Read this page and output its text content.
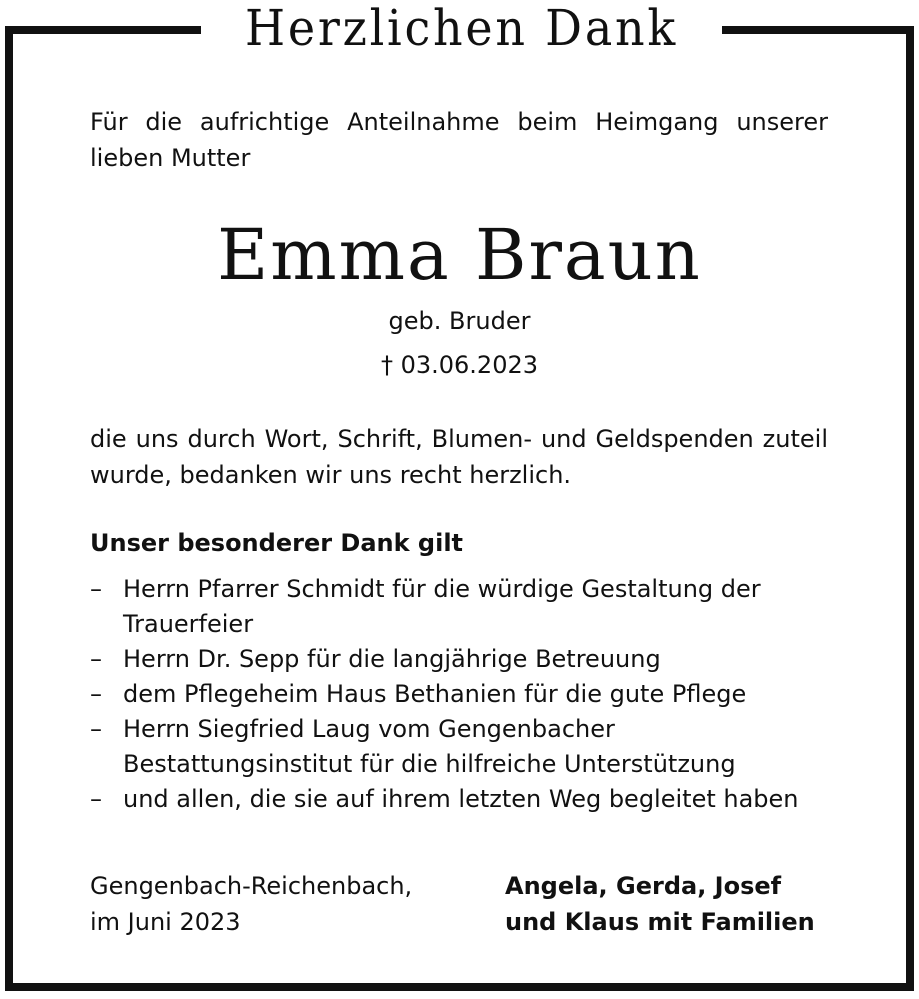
Herzlichen Dank
Für die aufrichtige Anteilnahme beim Heimgang unserer lieben Mutter
Emma Braun
geb. Bruder
† 03.06.2023
die uns durch Wort, Schrift, Blumen- und Geldspenden zuteil wurde, bedanken wir uns recht herzlich.
Unser besonderer Dank gilt
– Herrn Pfarrer Schmidt für die würdige Gestaltung der Trauerfeier
– Herrn Dr. Sepp für die langjährige Betreuung
– dem Pflegeheim Haus Bethanien für die gute Pflege
– Herrn Siegfried Laug vom Gengenbacher Bestattungsinstitut für die hilfreiche Unterstützung
– und allen, die sie auf ihrem letzten Weg begleitet haben
Gengenbach-Reichenbach,
im Juni 2023
Angela, Gerda, Josef
und Klaus mit Familien
